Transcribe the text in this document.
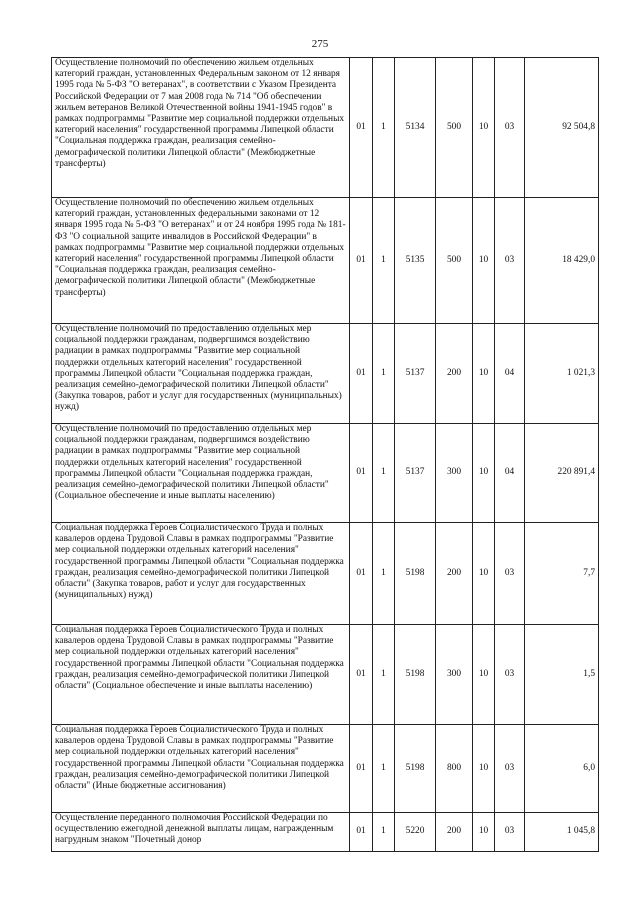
275
Осуществление полномочий по обеспечению жильем отдельных категорий граждан, установленных Федеральным законом от 12 января 1995 года № 5-ФЗ "О ветеранах", в соответствии с Указом Президента Российской Федерации от 7 мая 2008 года № 714 "Об обеспечении жильем ветеранов Великой Отечественной войны 1941-1945 годов" в рамках подпрограммы "Развитие мер социальной поддержки отдельных категорий населения" государственной программы Липецкой области "Социальная поддержка граждан, реализация семейно-демографической политики Липецкой области" (Межбюджетные трансферты)	01	1	5134	500	10	03	92 504,8
Осуществление полномочий по обеспечению жильем отдельных категорий граждан, установленных федеральными законами от 12 января 1995 года № 5-ФЗ "О ветеранах" и от 24 ноября 1995 года № 181-ФЗ "О социальной защите инвалидов в Российской Федерации" в рамках подпрограммы "Развитие мер социальной поддержки отдельных категорий населения" государственной программы Липецкой области "Социальная поддержка граждан, реализация семейно-демографической политики Липецкой области" (Межбюджетные трансферты)	01	1	5135	500	10	03	18 429,0
Осуществление полномочий по предоставлению отдельных мер социальной поддержки гражданам, подвергшимся воздействию радиации в рамках подпрограммы "Развитие мер социальной поддержки отдельных категорий населения" государственной программы Липецкой области "Социальная поддержка граждан, реализация семейно-демографической политики Липецкой области" (Закупка товаров, работ и услуг для государственных (муниципальных) нужд)	01	1	5137	200	10	04	1 021,3
Осуществление полномочий по предоставлению отдельных мер социальной поддержки гражданам, подвергшимся воздействию радиации в рамках подпрограммы "Развитие мер социальной поддержки отдельных категорий населения" государственной программы Липецкой области "Социальная поддержка граждан, реализация семейно-демографической политики Липецкой области" (Социальное обеспечение и иные выплаты населению)	01	1	5137	300	10	04	220 891,4
Социальная поддержка Героев Социалистического Труда и полных кавалеров ордена Трудовой Славы в рамках подпрограммы "Развитие мер социальной поддержки отдельных категорий населения" государственной программы Липецкой области "Социальная поддержка граждан, реализация семейно-демографической политики Липецкой области" (Закупка товаров, работ и услуг для государственных (муниципальных) нужд)	01	1	5198	200	10	03	7,7
Социальная поддержка Героев Социалистического Труда и полных кавалеров ордена Трудовой Славы в рамках подпрограммы "Развитие мер социальной поддержки отдельных категорий населения" государственной программы Липецкой области "Социальная поддержка граждан, реализация семейно-демографической политики Липецкой области" (Социальное обеспечение и иные выплаты населению)	01	1	5198	300	10	03	1,5
Социальная поддержка Героев Социалистического Труда и полных кавалеров ордена Трудовой Славы в рамках подпрограммы "Развитие мер социальной поддержки отдельных категорий населения" государственной программы Липецкой области "Социальная поддержка граждан, реализация семейно-демографической политики Липецкой области" (Иные бюджетные ассигнования)	01	1	5198	800	10	03	6,0
Осуществление переданного полномочия Российской Федерации по осуществлению ежегодной денежной выплаты лицам, награжденным нагрудным знаком "Почетный донор	01	1	5220	200	10	03	1 045,8
